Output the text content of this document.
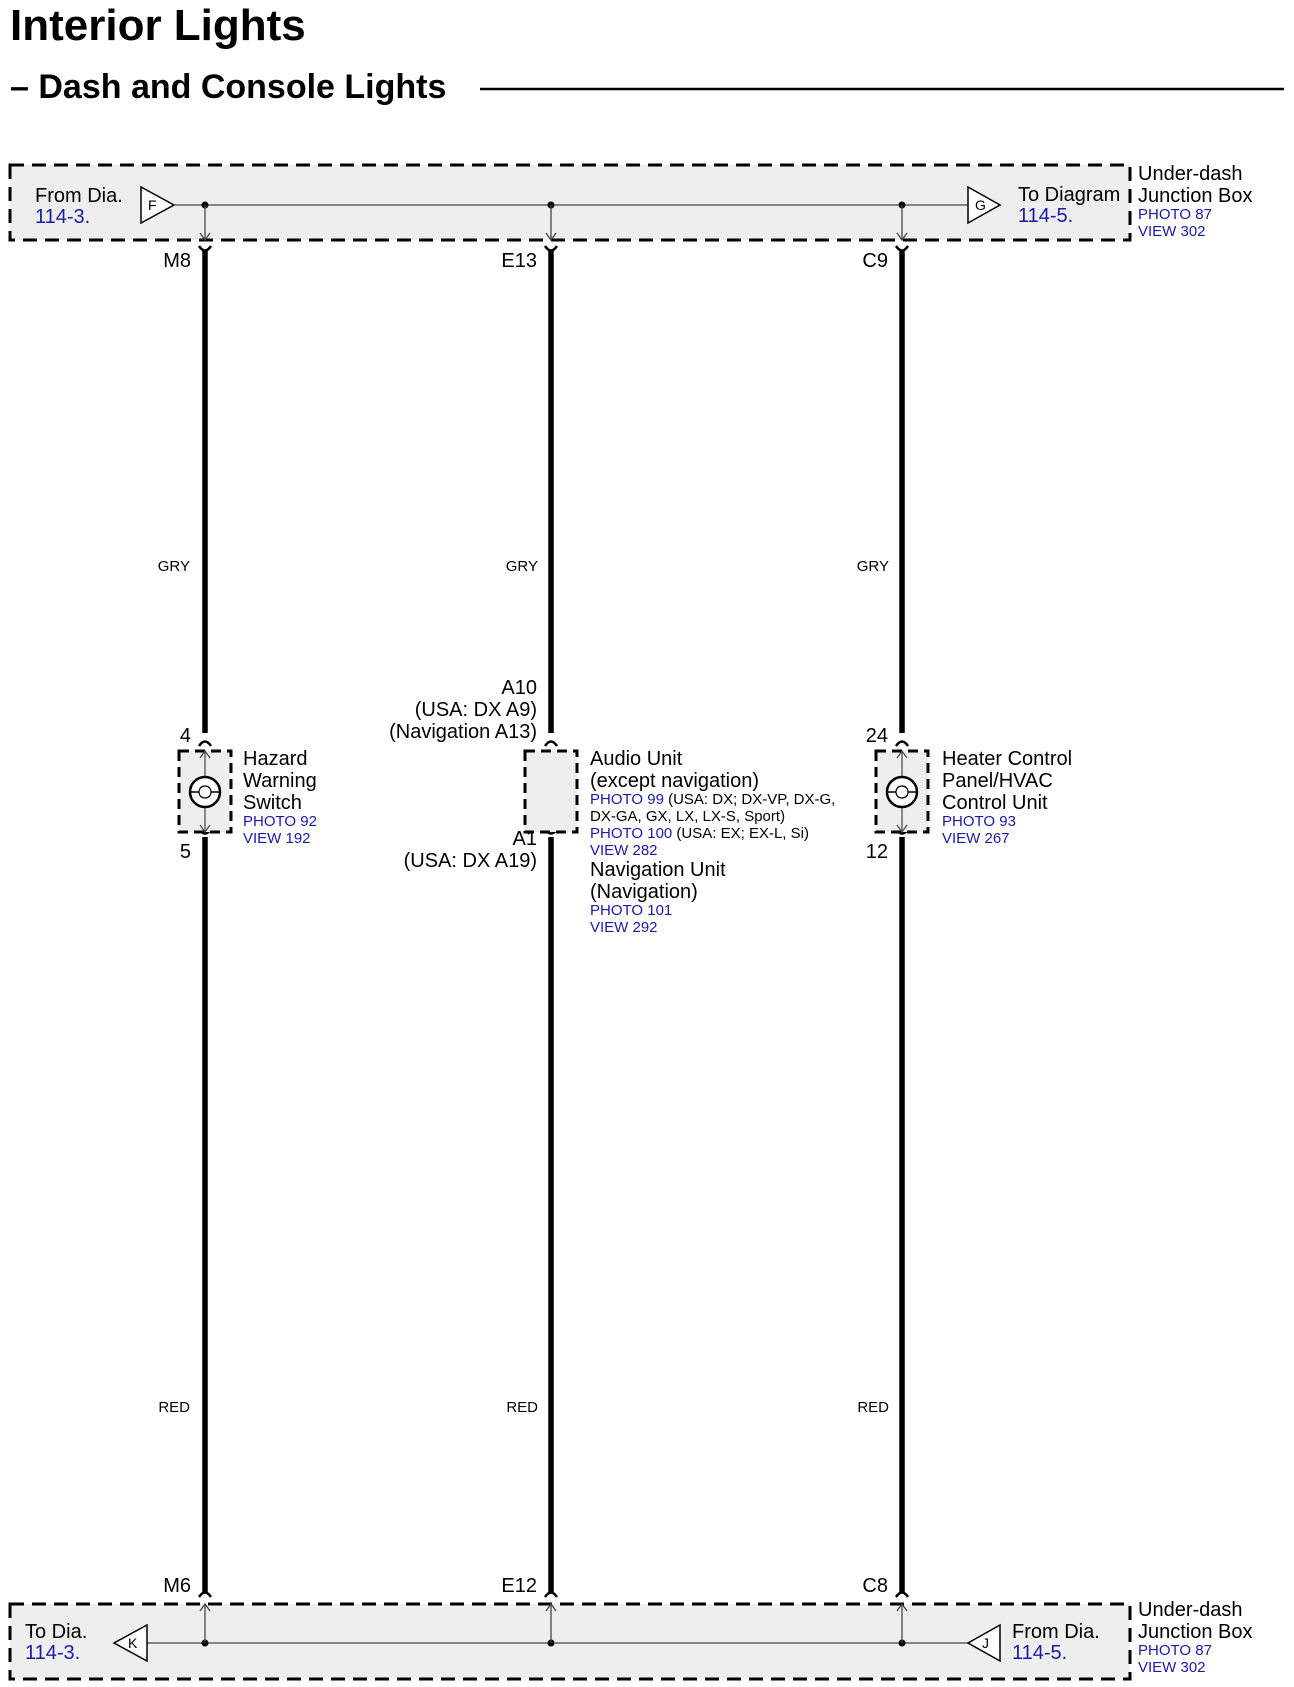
Interior Lights
– Dash and Console Lights
F	G
From Dia.
114-3.
To Diagram
114-5.
Under-dash
Junction Box
PHOTO 87
VIEW 302
K	J
To Dia.
114-3.
From Dia.
114-5.
Under-dash
Junction Box
PHOTO 87
VIEW 302
M8	E13	C9
M6	E12	C8
GRY	GRY	GRY
RED	RED	RED
4
5
Hazard
Warning
Switch
PHOTO 92
VIEW 192
A10
(USA: DX A9)
(Navigation A13)
A1
(USA: DX A19)
Audio Unit
(except navigation)
PHOTO 99 (USA: DX; DX-VP, DX-G,
DX-GA, GX, LX, LX-S, Sport)
PHOTO 100 (USA: EX; EX-L, Si)
VIEW 282
Navigation Unit
(Navigation)
PHOTO 101
VIEW 292
24
12
Heater Control
Panel/HVAC
Control Unit
PHOTO 93
VIEW 267
